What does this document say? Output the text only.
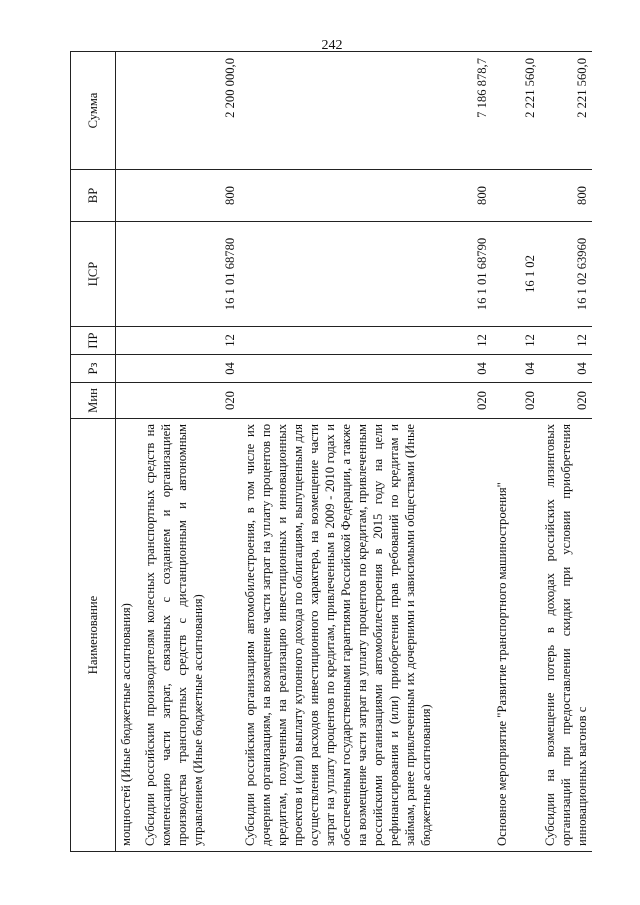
242
Наименование	Мин	Рз	ПР	ЦСР	ВР	Сумма
мощностей (Иные бюджетные ассигнования)						
Субсидии российским производителям колесных транспортных средств на компенсацию части затрат, связанных с созданием и организацией производства транспортных средств с дистанционным и автономным управлением (Иные бюджетные ассигнования)	020	04	12	16 1 01 68780	800	2 200 000,0
Субсидии российским организациям автомобилестроения, в том числе их дочерним организациям, на возмещение части затрат на уплату процентов по кредитам, полученным на реализацию инвестиционных и инновационных проектов и (или) выплату купонного дохода по облигациям, выпущенным для осуществления расходов инвестиционного характера, на возмещение части затрат на уплату процентов по кредитам, привлеченным в 2009 - 2010 годах и обеспеченным государственными гарантиями Российской Федерации, а также на возмещение части затрат на уплату процентов по кредитам, привлеченным российскими организациями автомобилестроения в 2015 году на цели рефинансирования и (или) приобретения прав требований по кредитам и займам, ранее привлеченным их дочерними и зависимыми обществами (Иные бюджетные ассигнования)	020	04	12	16 1 01 68790	800	7 186 878,7
Основное мероприятие "Развитие транспортного машиностроения"	020	04	12	16 1 02		2 221 560,0
Субсидии на возмещение потерь в доходах российских лизинговых организаций при предоставлении скидки при условии приобретения инновационных вагонов с	020	04	12	16 1 02 63960	800	2 221 560,0
